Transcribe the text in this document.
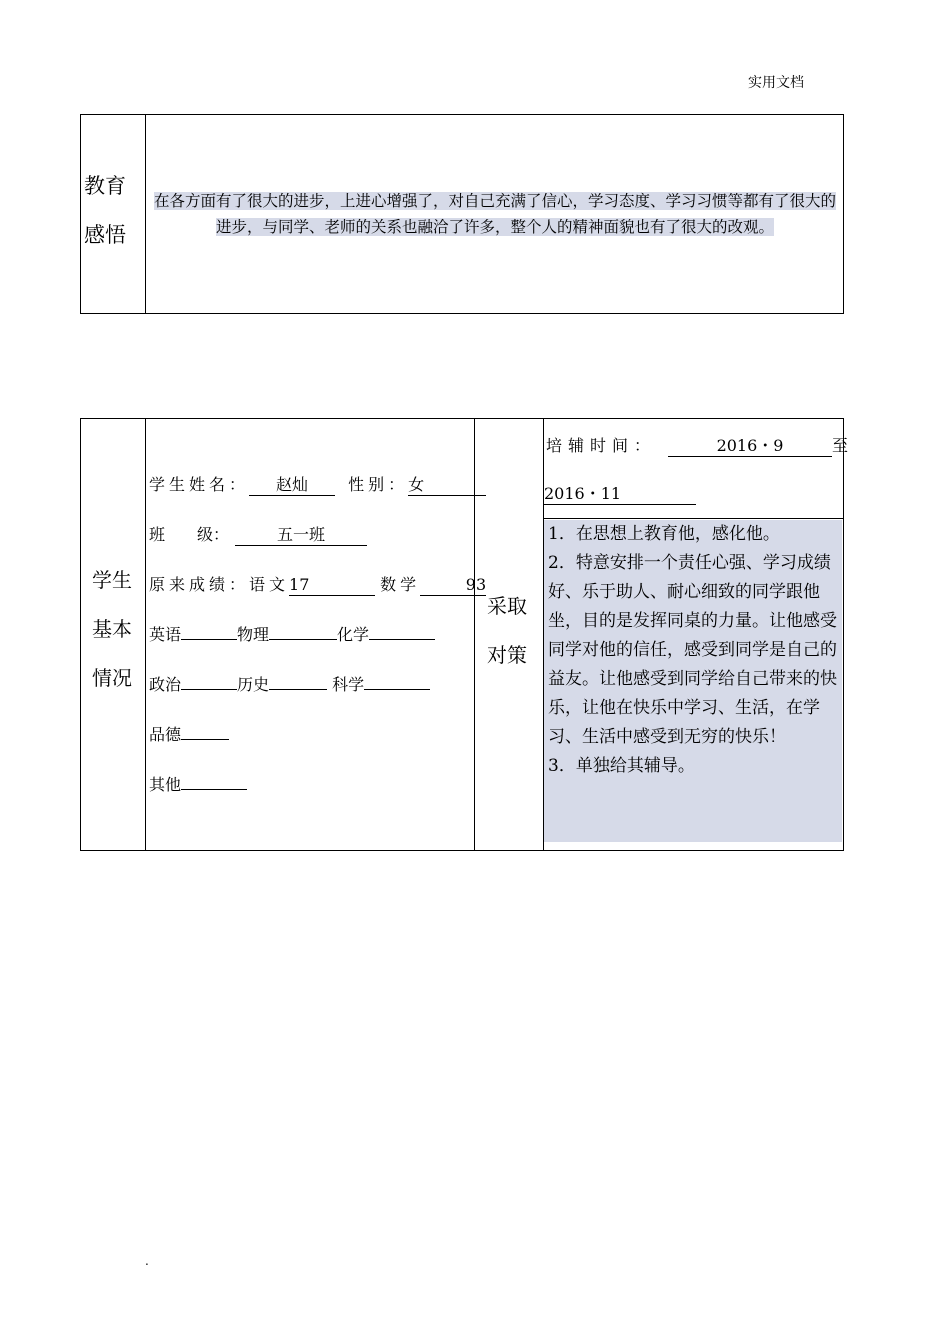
实用文档
教育
感悟
在各方面有了很大的进步，上进心增强了，对自己充满了信心，学习态度、学习习惯等都有了很大的进步，与同学、老师的关系也融洽了许多，整个人的精神面貌也有了很大的改观。
学生
基本
情况
学生姓名： 赵灿	性别：女
班　　级：	五一班
原来成绩：语文17	数学	93
英语	物理	化学
政治	历史	科学
品德
其他
采取
对策
培辅时间：	2016・9	至
2016・11

1．在思想上教育他，感化他。

2．特意安排一个责任心强、学习成绩好、乐于助人、耐心细致的同学跟他坐，目的是发挥同桌的力量。让他感受同学对他的信任，感受到同学是自己的益友。让他感受到同学给自己带来的快乐，让他在快乐中学习、生活，在学习、生活中感受到无穷的快乐！

3．单独给其辅导。

.
